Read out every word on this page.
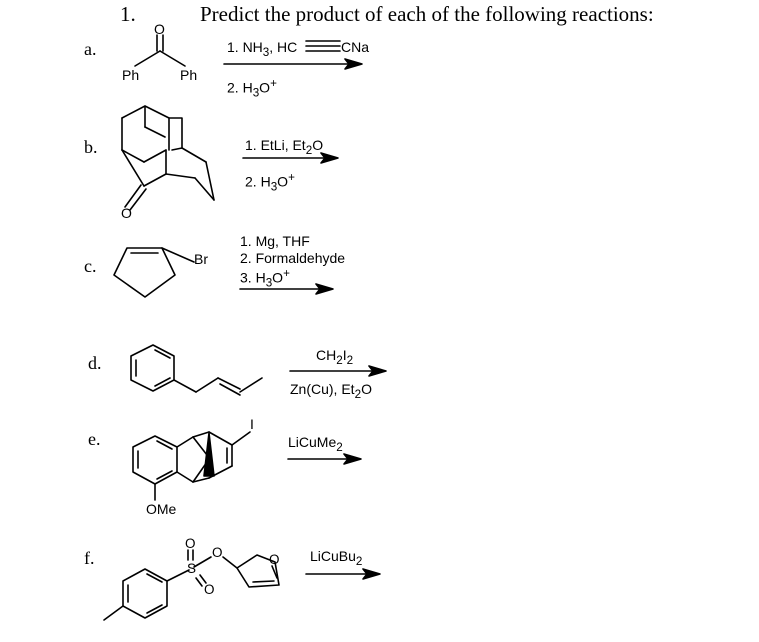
1.	Predict the product of each of the following reactions:
a.
b.
c.
d.
e.
f.
O
Ph	Ph
O
Br
I
OMe
O
S
O
O	O
1. $NH_3$, HC	CNa
2. $H_3O^+$
1. EtLi, $Et_2O$
2. $H_3O^+$
1. Mg, THF
2. Formaldehyde
3. $H_3O^+$
$CH_2I_2$
Zn(Cu), $Et_2O$
LiCuMe$_2$
LiCuBu$_2$
